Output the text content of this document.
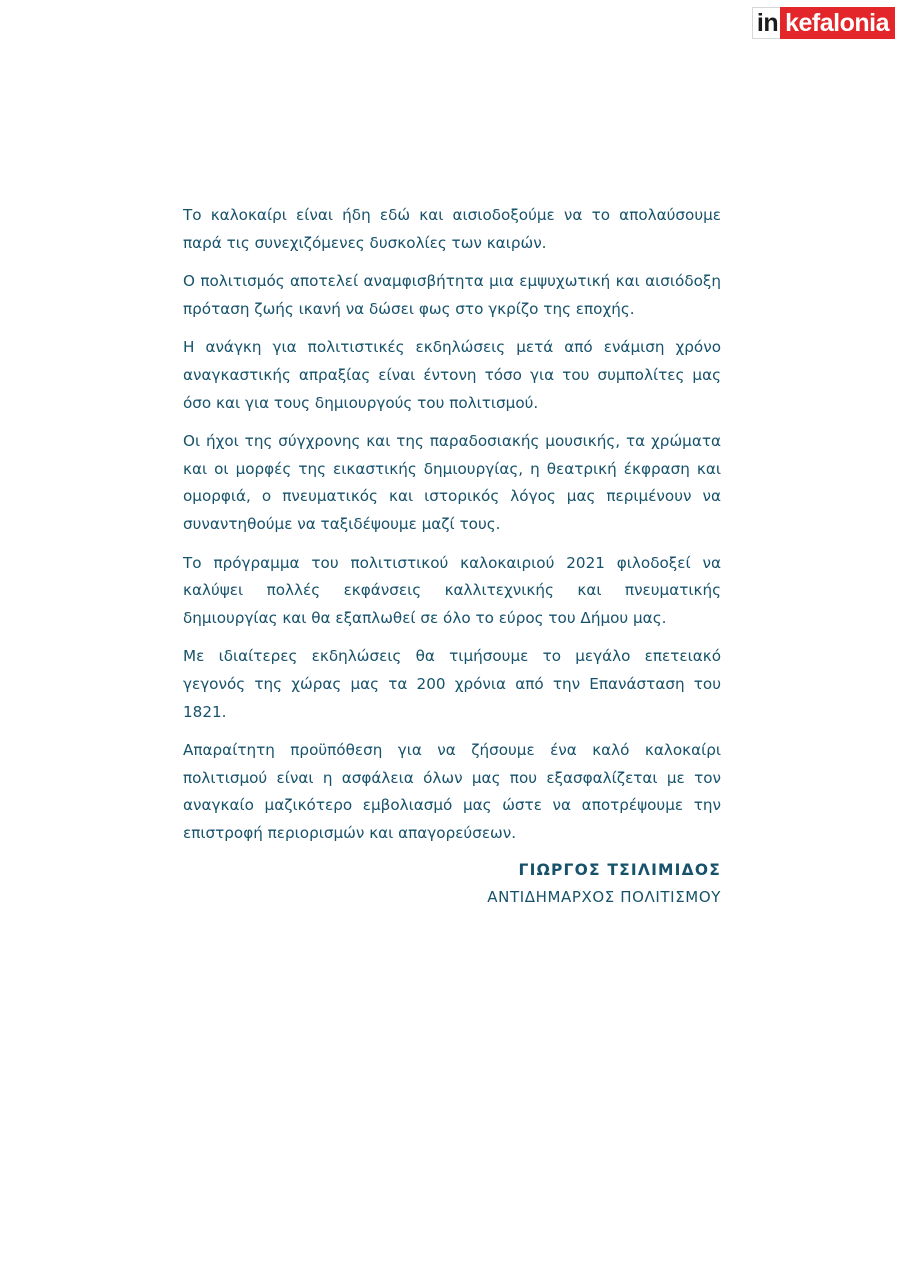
in kefalonia

Το καλοκαίρι είναι ήδη εδώ και αισιοδοξούμε να το απολαύσουμε παρά τις συνεχιζόμενες δυσκολίες των καιρών.

Ο πολιτισμός αποτελεί αναμφισβήτητα μια εμψυχωτική και αισιόδοξη πρόταση ζωής ικανή να δώσει φως στο γκρίζο της εποχής.

Η ανάγκη για πολιτιστικές εκδηλώσεις μετά από ενάμιση χρόνο αναγκαστικής απραξίας είναι έντονη τόσο για του συμπολίτες μας όσο και για τους δημιουργούς του πολιτισμού.

Οι ήχοι της σύγχρονης και της παραδοσιακής μουσικής, τα χρώματα και οι μορφές της εικαστικής δημιουργίας, η θεατρική έκφραση και ομορφιά, ο πνευματικός και ιστορικός λόγος μας περιμένουν να συναντηθούμε να ταξιδέψουμε μαζί τους.

Το πρόγραμμα του πολιτιστικού καλοκαιριού 2021 φιλοδοξεί να καλύψει πολλές εκφάνσεις καλλιτεχνικής και πνευματικής δημιουργίας και θα εξαπλωθεί σε όλο το εύρος του Δήμου μας.

Με ιδιαίτερες εκδηλώσεις θα τιμήσουμε το μεγάλο επετειακό γεγονός της χώρας μας τα 200 χρόνια από την Επανάσταση του 1821.

Απαραίτητη προϋπόθεση για να ζήσουμε ένα καλό καλοκαίρι πολιτισμού είναι η ασφάλεια όλων μας που εξασφαλίζεται με τον αναγκαίο μαζικότερο εμβολιασμό μας ώστε να αποτρέψουμε την επιστροφή περιορισμών και απαγορεύσεων.

ΓΙΩΡΓΟΣ ΤΣΙΛΙΜΙΔΟΣ
ΑΝΤΙΔΗΜΑΡΧΟΣ ΠΟΛΙΤΙΣΜΟΥ
